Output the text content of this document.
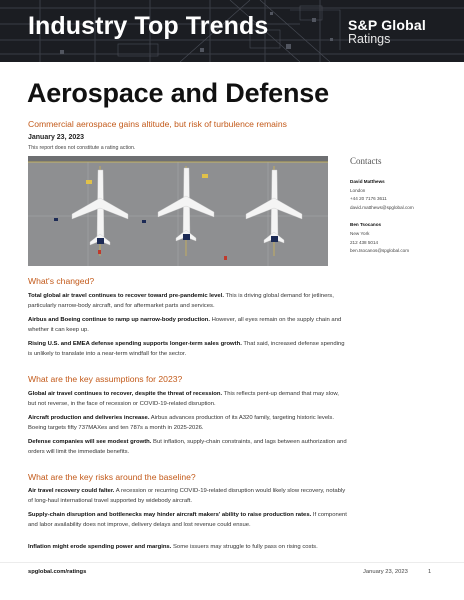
Industry Top Trends	S&P Global
Ratings
Aerospace and Defense
Commercial aerospace gains altitude, but risk of turbulence remains
January 23, 2023
This report does not constitute a rating action.
Contacts
David Matthews
London
+44 20 7176 3611
david.matthews@spglobal.com
Ben Tsocanos
New York
212 438 5014
ben.tsocanos@spglobal.com
What's changed?
Total global air travel continues to recover toward pre-pandemic level. This is driving global demand for jetliners, particularly narrow-body aircraft, and for aftermarket parts and services.
Airbus and Boeing continue to ramp up narrow-body production. However, all eyes remain on the supply chain and whether it can keep up.
Rising U.S. and EMEA defense spending supports longer-term sales growth. That said, increased defense spending is unlikely to translate into a near-term windfall for the sector.
What are the key assumptions for 2023?
Global air travel continues to recover, despite the threat of recession. This reflects pent-up demand that may slow, but not reverse, in the face of recession or COVID-19-related disruption.
Aircraft production and deliveries increase. Airbus advances production of its A320 family, targeting historic levels. Boeing targets fifty 737MAXes and ten 787s a month in 2025-2026.
Defense companies will see modest growth. But inflation, supply-chain constraints, and lags between authorization and orders will limit the immediate benefits.
What are the key risks around the baseline?
Air travel recovery could falter. A recession or recurring COVID-19-related disruption would likely slow recovery, notably of long-haul international travel supported by widebody aircraft.
Supply-chain disruption and bottlenecks may hinder aircraft makers' ability to raise production rates. If component and labor availability does not improve, delivery delays and lost revenue could ensue.
Inflation might erode spending power and margins. Some issuers may struggle to fully pass on rising costs.
spglobal.com/ratings	January 23, 2023	1
